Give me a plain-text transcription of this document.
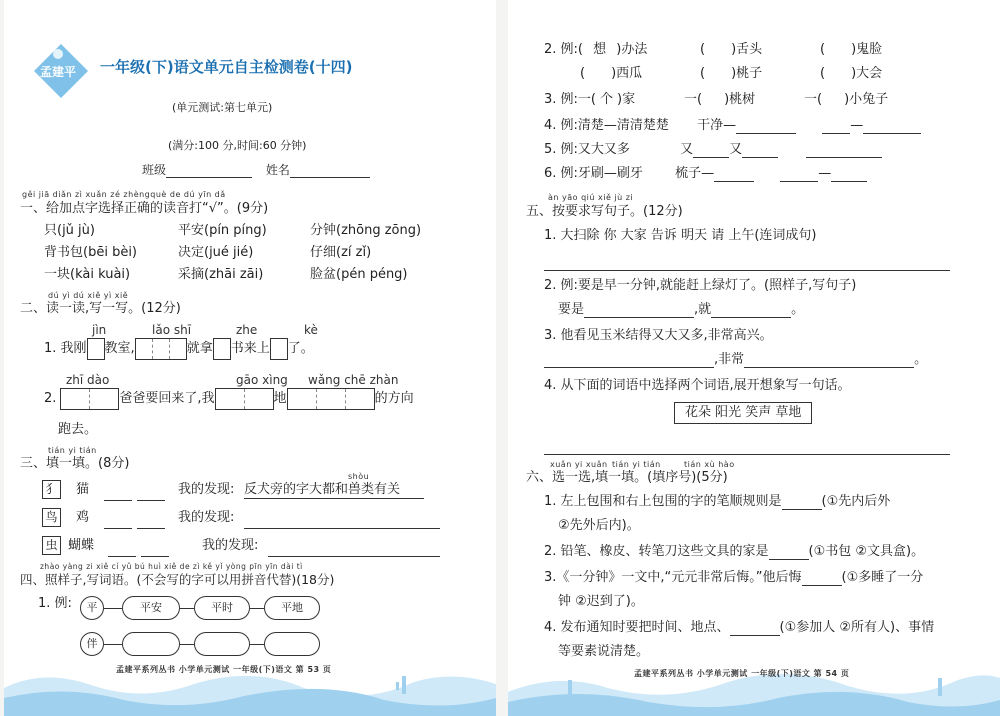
孟建平 一年级(下)语文单元自主检测卷(十四)
(单元测试:第七单元)
(满分:100 分,时间:60 分钟)
班级	姓名
gěi jiā diǎn zì xuǎn zé zhèngquè de dú yīn dǎ
一、给加点字选择正确的读音打“√”。(9分)
只(jǔ jù)	平安(pín píng)	分钟(zhōng zōng)
背书包(bēi bèi)	决定(jué jié)	仔细(zí zǐ)
一块(kài kuài)	采摘(zhāi zāi)	脸盆(pén péng)
dú yì dú xiě yì xiě
二、读一读,写一写。(12分)
jìn	lǎo shī	zhe	kè
1. 我刚 教室,	就拿 书来上 了。
zhī dào	gāo xìng wǎng chē zhàn
2.	爸爸要回来了,我	地	的方向
跑去。
tián yi tián
三、填一填。(8分)
shòu
犭 猫
	我的发现: 反犬旁的字大都和兽类有关
鸟 鸡
	我的发现:
虫 蝴蝶
	我的发现:
zhào yàng zi xiě cí yǔ bú huì xiě de zì kě yǐ yòng pīn yīn dài tì
四、照样子,写词语。(不会写的字可以用拼音代替)(18分)
1. 例:	平	平安	平时	平地
伴
孟建平系列丛书 小学单元测试 一年级(下)语文 第 53 页
2. 例:( 想 )办法	( )舌头	( )鬼脸
( )西瓜	( )桃子	( )大会
3. 例:一( 个 )家	一( )桃树	一( )小兔子
4. 例:清楚—清清楚楚 干净—	—
5. 例:又大又多	又	又
6. 例:牙刷—刷牙 梳子—	—
àn yāo qiú xiě jù zi
五、按要求写句子。(12分)
1. 大扫除 你 大家 告诉 明天 请 上午(连词成句)
2. 例:要是早一分钟,就能赶上绿灯了。(照样子,写句子)
要是	,就	。
3. 他看见玉米结得又大又多,非常高兴。
,非常	。
4. 从下面的词语中选择两个词语,展开想象写一句话。
花朵 阳光 笑声 草地
xuǎn yi xuǎn tián yi tián	tián xù hào
六、选一选,填一填。(填序号)(5分)
1. 左上包围和右上包围的字的笔顺规则是	(①先内后外
②先外后内)。
2. 铅笔、橡皮、转笔刀这些文具的家是	(①书包 ②文具盒)。
3.《一分钟》一文中,“元元非常后悔。”他后悔	(①多睡了一分
钟 ②迟到了)。
4. 发布通知时要把时间、地点、	(①参加人 ②所有人)、事情
等要素说清楚。
孟建平系列丛书 小学单元测试 一年级(下)语文 第 54 页
